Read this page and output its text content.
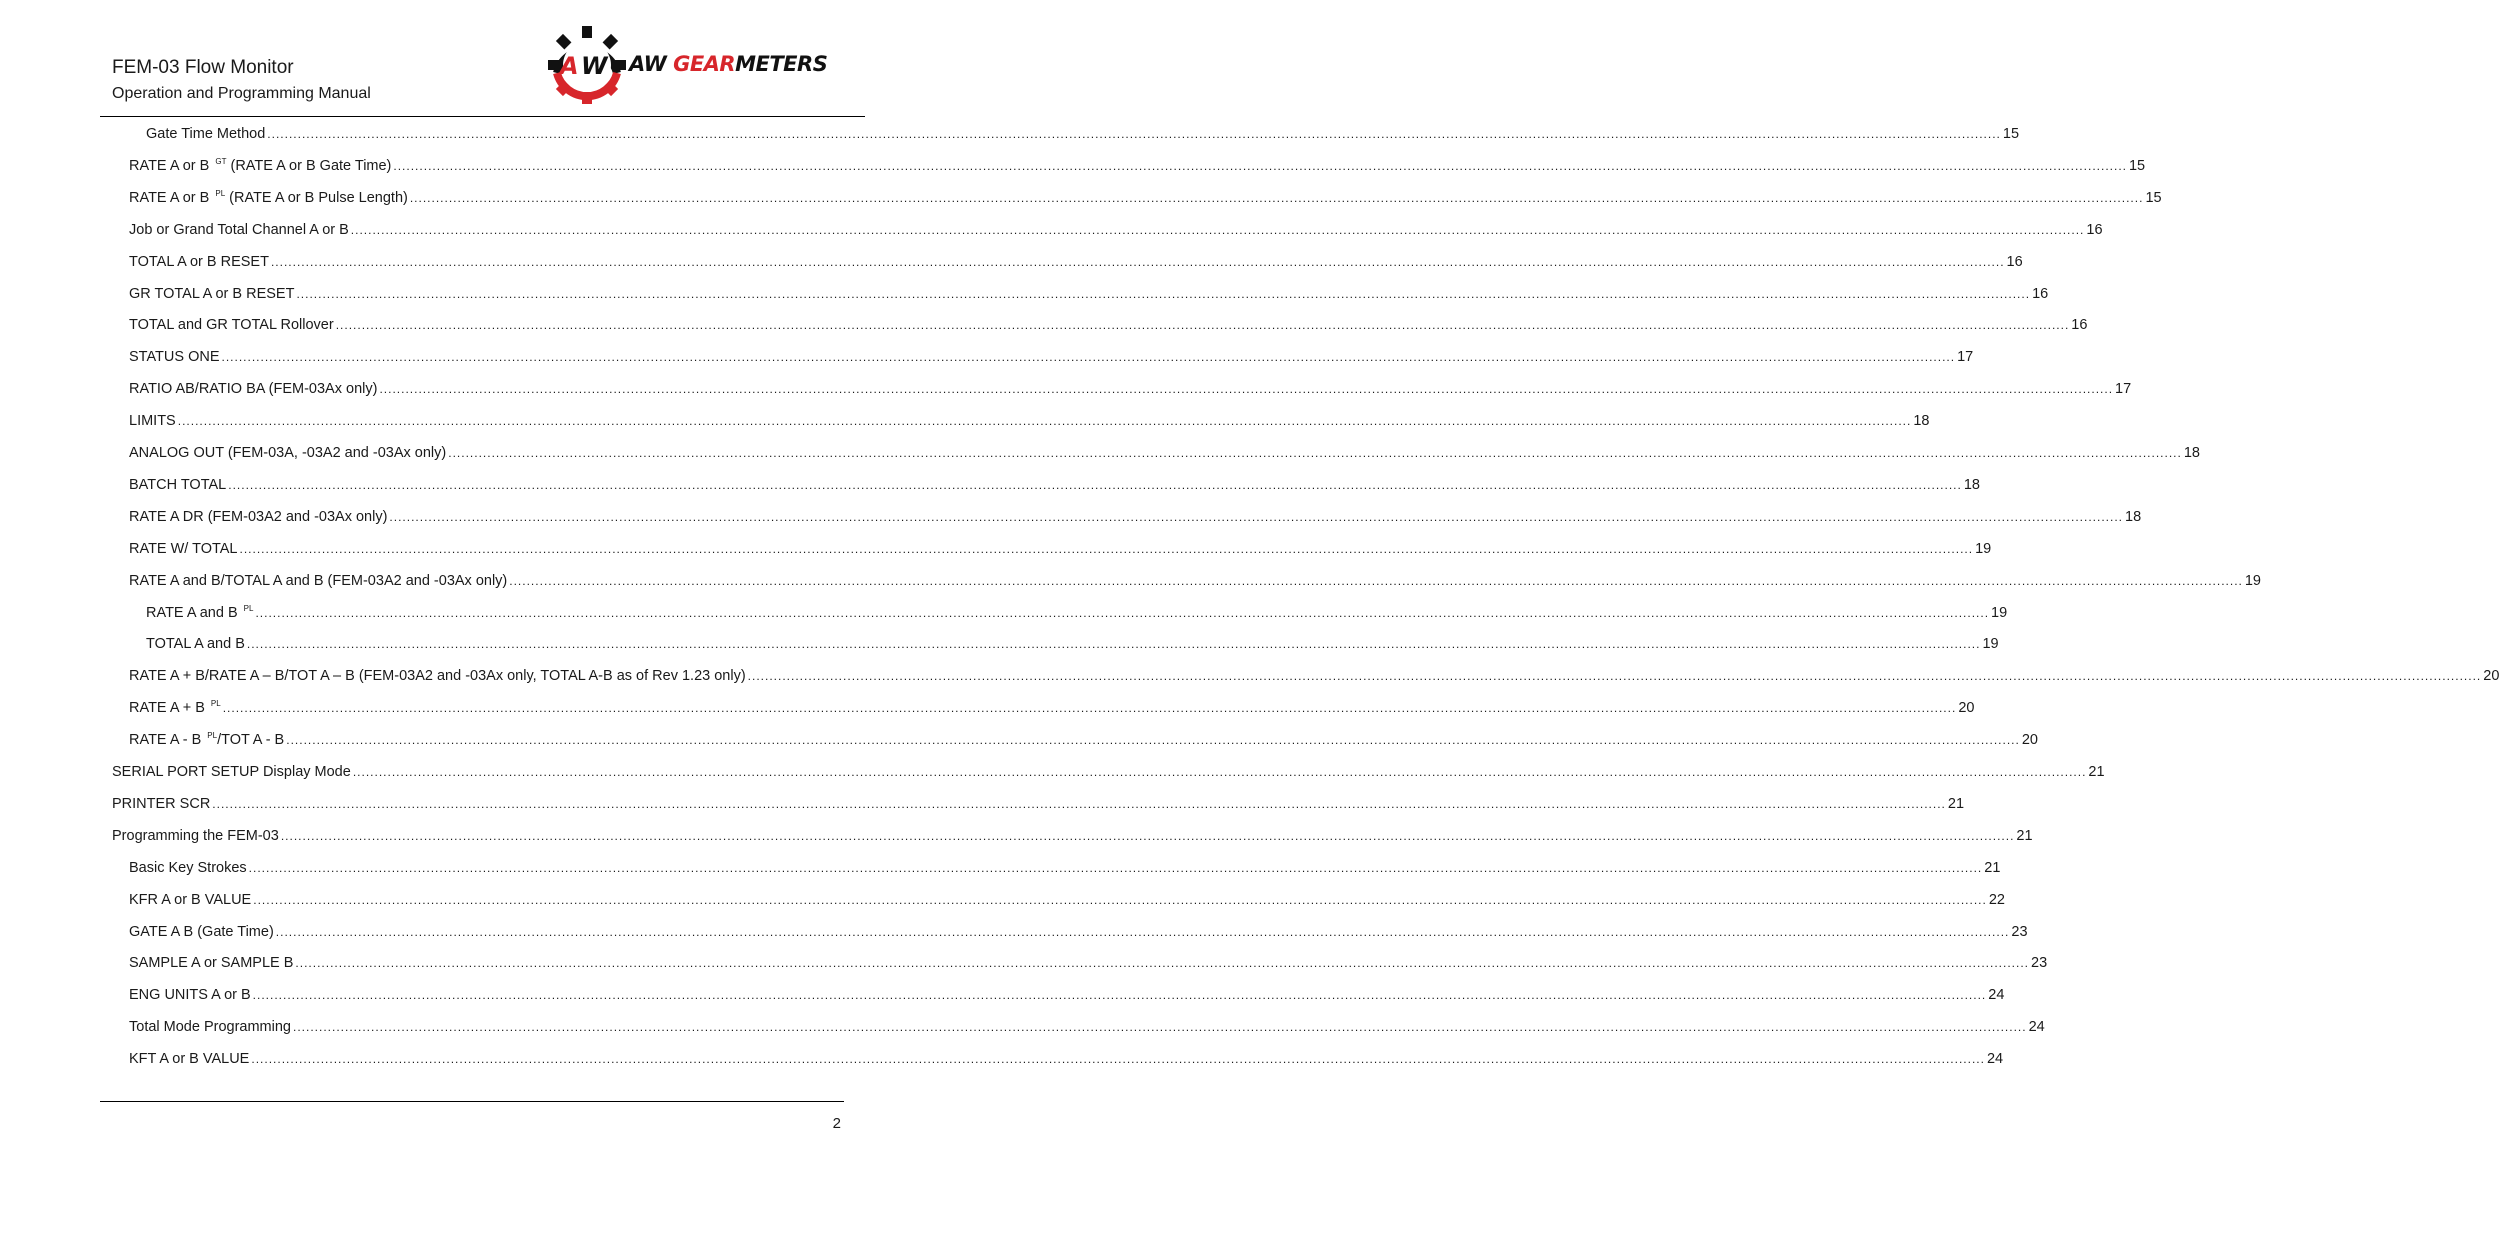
FEM-03 Flow Monitor
Operation and Programming Manual
A W AW GEARMETERS
Gate Time Method ................................................................................................................................................................................................................................................................................................................................................................................................................ 15
RATE A or B $^{GT}$ (RATE A or B Gate Time) ................................................................................................................................................................................................................................................................................................................................................................................................................ 15
RATE A or B $^{PL}$ (RATE A or B Pulse Length) ................................................................................................................................................................................................................................................................................................................................................................................................................ 15
Job or Grand Total Channel A or B ................................................................................................................................................................................................................................................................................................................................................................................................................ 16
TOTAL A or B RESET ................................................................................................................................................................................................................................................................................................................................................................................................................ 16
GR TOTAL A or B RESET ................................................................................................................................................................................................................................................................................................................................................................................................................ 16
TOTAL and GR TOTAL Rollover ................................................................................................................................................................................................................................................................................................................................................................................................................ 16
STATUS ONE ................................................................................................................................................................................................................................................................................................................................................................................................................ 17
RATIO AB/RATIO BA (FEM-03Ax only) ................................................................................................................................................................................................................................................................................................................................................................................................................ 17
LIMITS ................................................................................................................................................................................................................................................................................................................................................................................................................ 18
ANALOG OUT (FEM-03A, -03A2 and -03Ax only) ................................................................................................................................................................................................................................................................................................................................................................................................................ 18
BATCH TOTAL ................................................................................................................................................................................................................................................................................................................................................................................................................ 18
RATE A DR (FEM-03A2 and -03Ax only) ................................................................................................................................................................................................................................................................................................................................................................................................................ 18
RATE W/ TOTAL ................................................................................................................................................................................................................................................................................................................................................................................................................ 19
RATE A and B/TOTAL A and B (FEM-03A2 and -03Ax only) ................................................................................................................................................................................................................................................................................................................................................................................................................ 19
RATE A and B $^{PL}$ ................................................................................................................................................................................................................................................................................................................................................................................................................ 19
TOTAL A and B ................................................................................................................................................................................................................................................................................................................................................................................................................ 19
RATE A + B/RATE A – B/TOT A – B (FEM-03A2 and -03Ax only, TOTAL A-B as of Rev 1.23 only) ................................................................................................................................................................................................................................................................................................................................................................................................................ 20
RATE A + B $^{PL}$ ................................................................................................................................................................................................................................................................................................................................................................................................................ 20
RATE A - B $^{PL}$/TOT A - B ................................................................................................................................................................................................................................................................................................................................................................................................................ 20
SERIAL PORT SETUP Display Mode ................................................................................................................................................................................................................................................................................................................................................................................................................ 21
PRINTER SCR ................................................................................................................................................................................................................................................................................................................................................................................................................ 21
Programming the FEM-03 ................................................................................................................................................................................................................................................................................................................................................................................................................ 21
Basic Key Strokes ................................................................................................................................................................................................................................................................................................................................................................................................................ 21
KFR A or B VALUE ................................................................................................................................................................................................................................................................................................................................................................................................................ 22
GATE A B (Gate Time) ................................................................................................................................................................................................................................................................................................................................................................................................................ 23
SAMPLE A or SAMPLE B ................................................................................................................................................................................................................................................................................................................................................................................................................ 23
ENG UNITS A or B ................................................................................................................................................................................................................................................................................................................................................................................................................ 24
Total Mode Programming ................................................................................................................................................................................................................................................................................................................................................................................................................ 24
KFT A or B VALUE ................................................................................................................................................................................................................................................................................................................................................................................................................ 24
2
